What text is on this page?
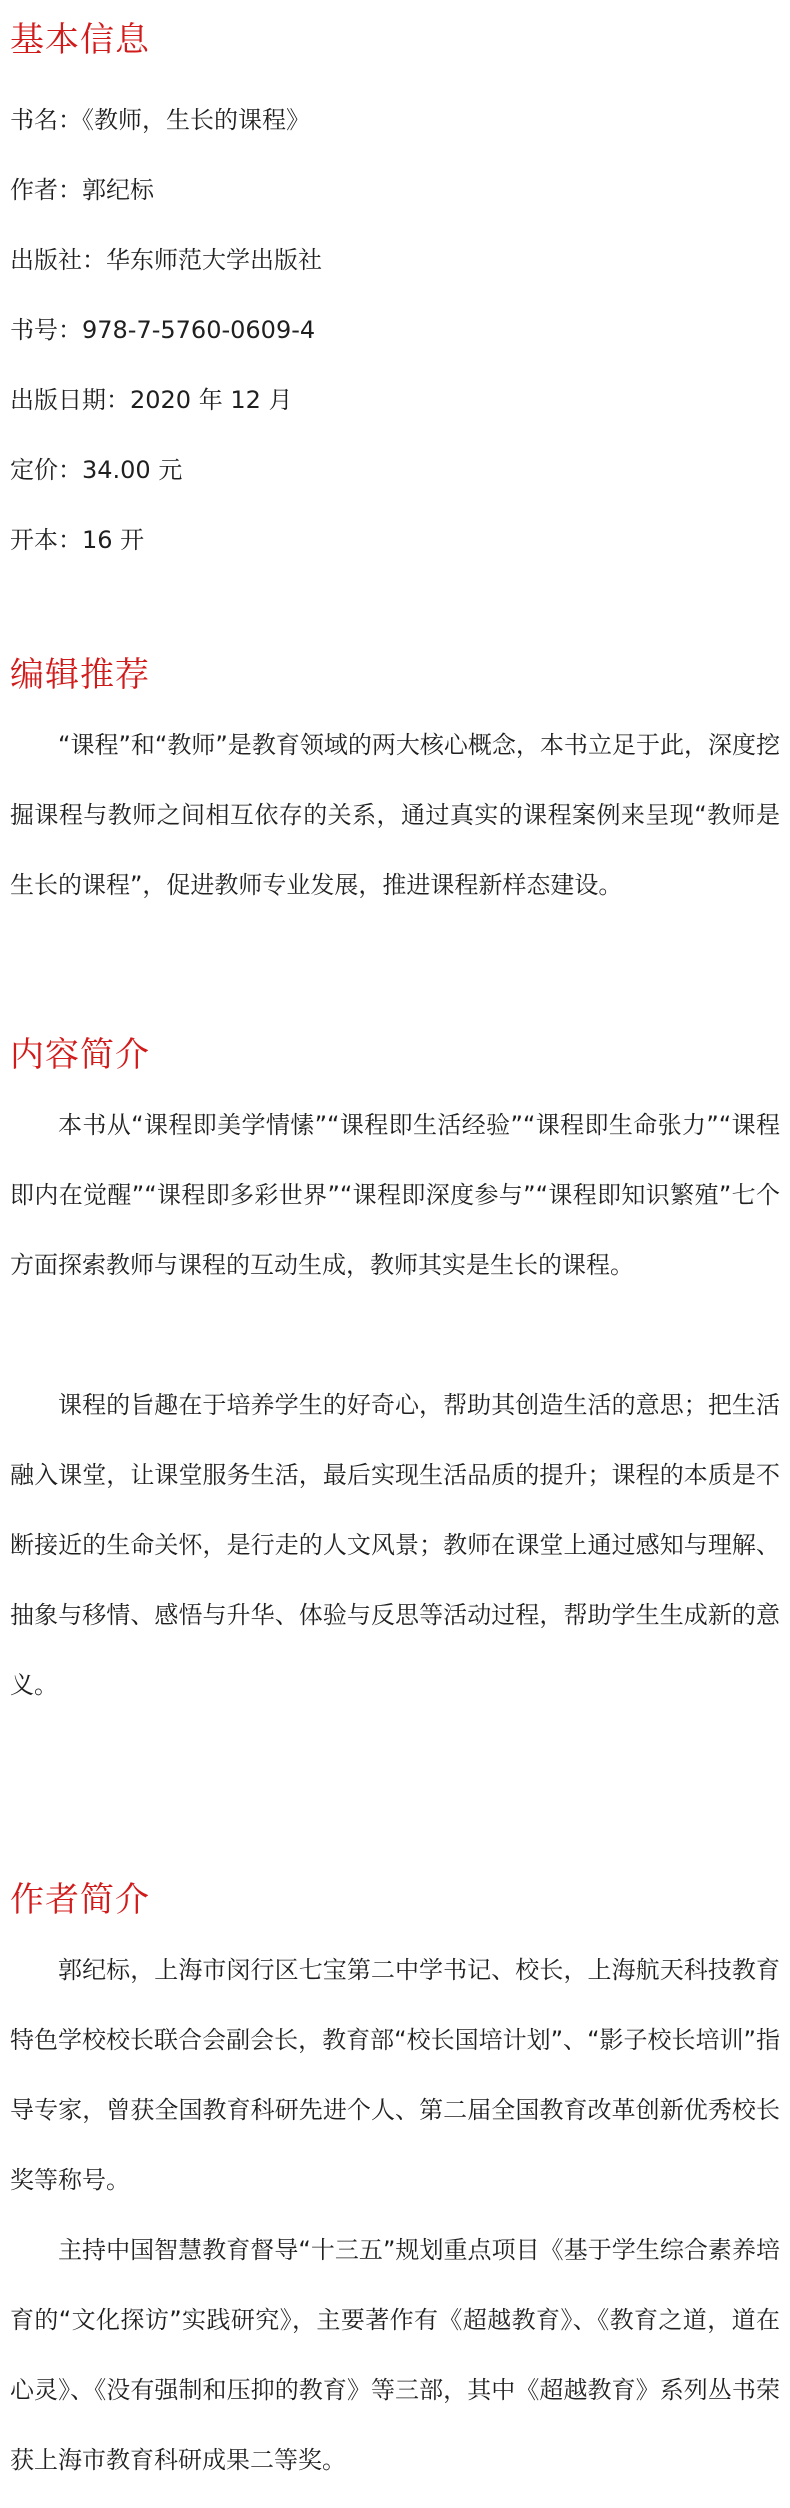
基本信息
书名：《教师，生长的课程》
作者：郭纪标
出版社：华东师范大学出版社
书号：978-7-5760-0609-4
出版日期：2020 年 12 月
定价：34.00 元
开本：16 开
编辑推荐

“课程”和“教师”是教育领域的两大核心概念，本书立足于此，深度挖掘课程与教师之间相互依存的关系，通过真实的课程案例来呈现“教师是生长的课程”，促进教师专业发展，推进课程新样态建设。

内容简介

本书从“课程即美学情愫”“课程即生活经验”“课程即生命张力”“课程即内在觉醒”“课程即多彩世界”“课程即深度参与”“课程即知识繁殖”七个方面探索教师与课程的互动生成，教师其实是生长的课程。

课程的旨趣在于培养学生的好奇心，帮助其创造生活的意思；把生活融入课堂，让课堂服务生活，最后实现生活品质的提升；课程的本质是不断接近的生命关怀，是行走的人文风景；教师在课堂上通过感知与理解、抽象与移情、感悟与升华、体验与反思等活动过程，帮助学生生成新的意义。

作者简介

郭纪标，上海市闵行区七宝第二中学书记、校长，上海航天科技教育特色学校校长联合会副会长，教育部“校长国培计划”、“影子校长培训”指导专家，曾获全国教育科研先进个人、第二届全国教育改革创新优秀校长奖等称号。

主持中国智慧教育督导“十三五”规划重点项目《基于学生综合素养培育的“文化探访”实践研究》，主要著作有《超越教育》、《教育之道，道在心灵》、《没有强制和压抑的教育》等三部，其中《超越教育》系列丛书荣获上海市教育科研成果二等奖。
